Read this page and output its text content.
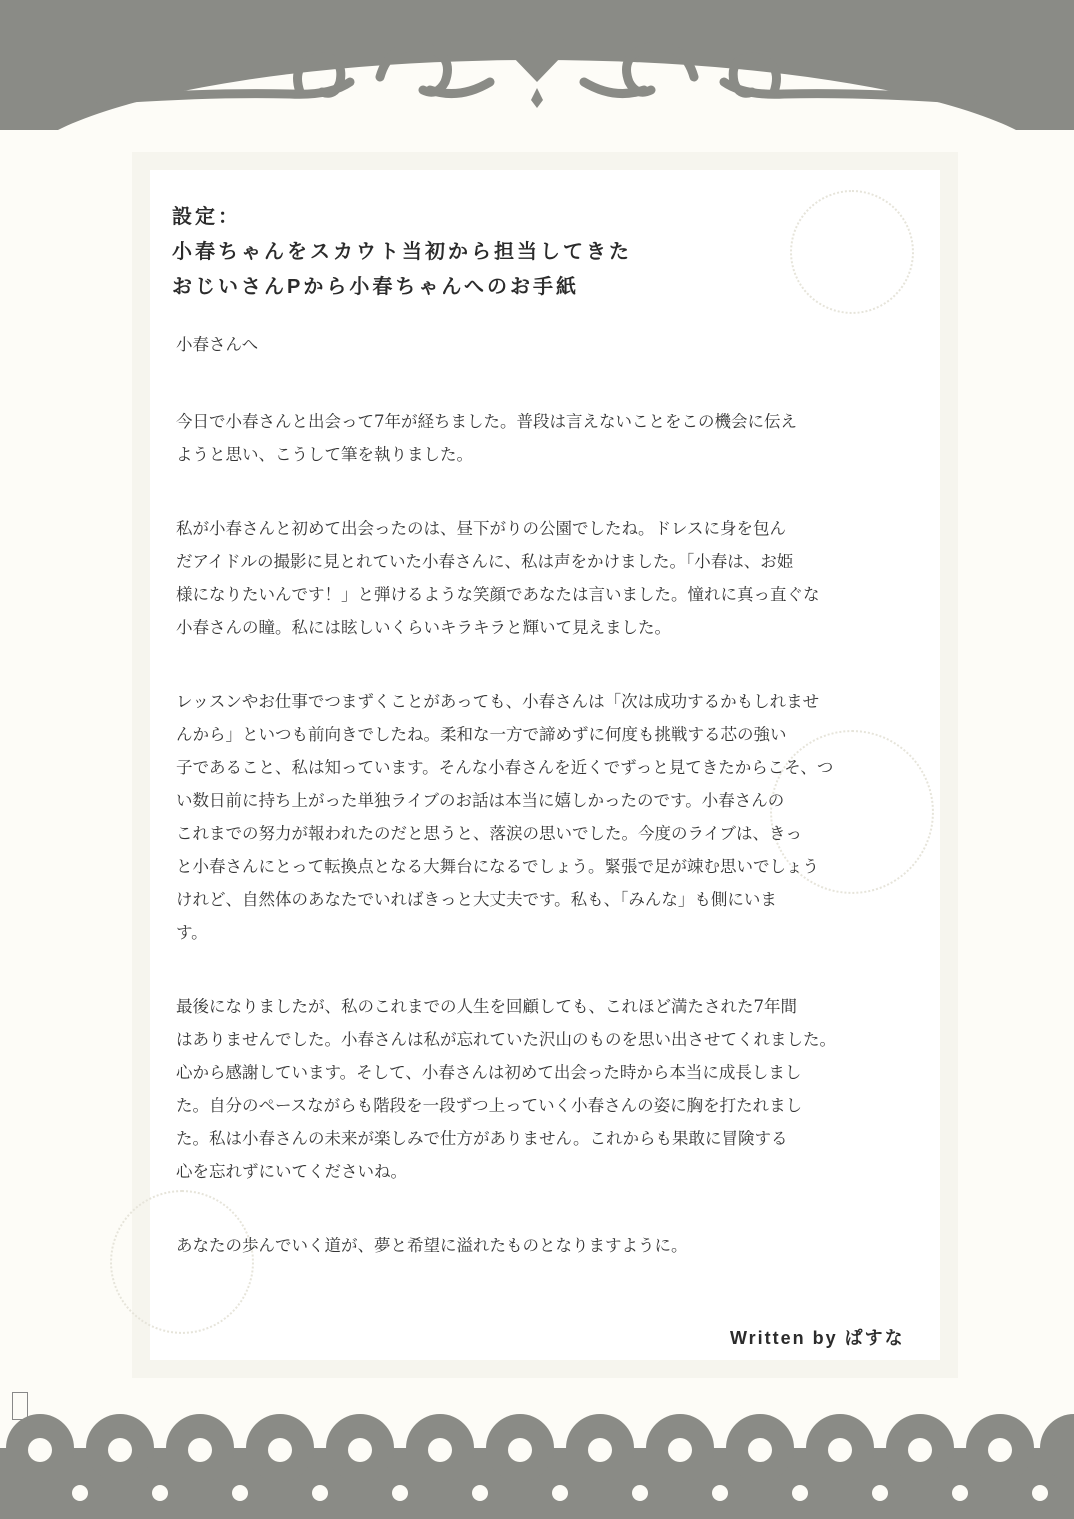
設定：
小春ちゃんをスカウト当初から担当してきた
おじいさんPから小春ちゃんへのお手紙
小春さんへ
今日で小春さんと出会って7年が経ちました。普段は言えないことをこの機会に伝え
ようと思い、こうして筆を執りました。
私が小春さんと初めて出会ったのは、昼下がりの公園でしたね。ドレスに身を包ん
だアイドルの撮影に見とれていた小春さんに、私は声をかけました。「小春は、お姫
様になりたいんです！」と弾けるような笑顔であなたは言いました。憧れに真っ直ぐな
小春さんの瞳。私には眩しいくらいキラキラと輝いて見えました。
レッスンやお仕事でつまずくことがあっても、小春さんは「次は成功するかもしれませ
んから」といつも前向きでしたね。柔和な一方で諦めずに何度も挑戦する芯の強い
子であること、私は知っています。そんな小春さんを近くでずっと見てきたからこそ、つ
い数日前に持ち上がった単独ライブのお話は本当に嬉しかったのです。小春さんの
これまでの努力が報われたのだと思うと、落涙の思いでした。今度のライブは、きっ
と小春さんにとって転換点となる大舞台になるでしょう。緊張で足が竦む思いでしょう
けれど、自然体のあなたでいればきっと大丈夫です。私も、「みんな」も側にいま
す。
最後になりましたが、私のこれまでの人生を回顧しても、これほど満たされた7年間
はありませんでした。小春さんは私が忘れていた沢山のものを思い出させてくれました。
心から感謝しています。そして、小春さんは初めて出会った時から本当に成長しまし
た。自分のペースながらも階段を一段ずつ上っていく小春さんの姿に胸を打たれまし
た。私は小春さんの未来が楽しみで仕方がありません。これからも果敢に冒険する
心を忘れずにいてくださいね。
あなたの歩んでいく道が、夢と希望に溢れたものとなりますように。
Written by ぱすな
